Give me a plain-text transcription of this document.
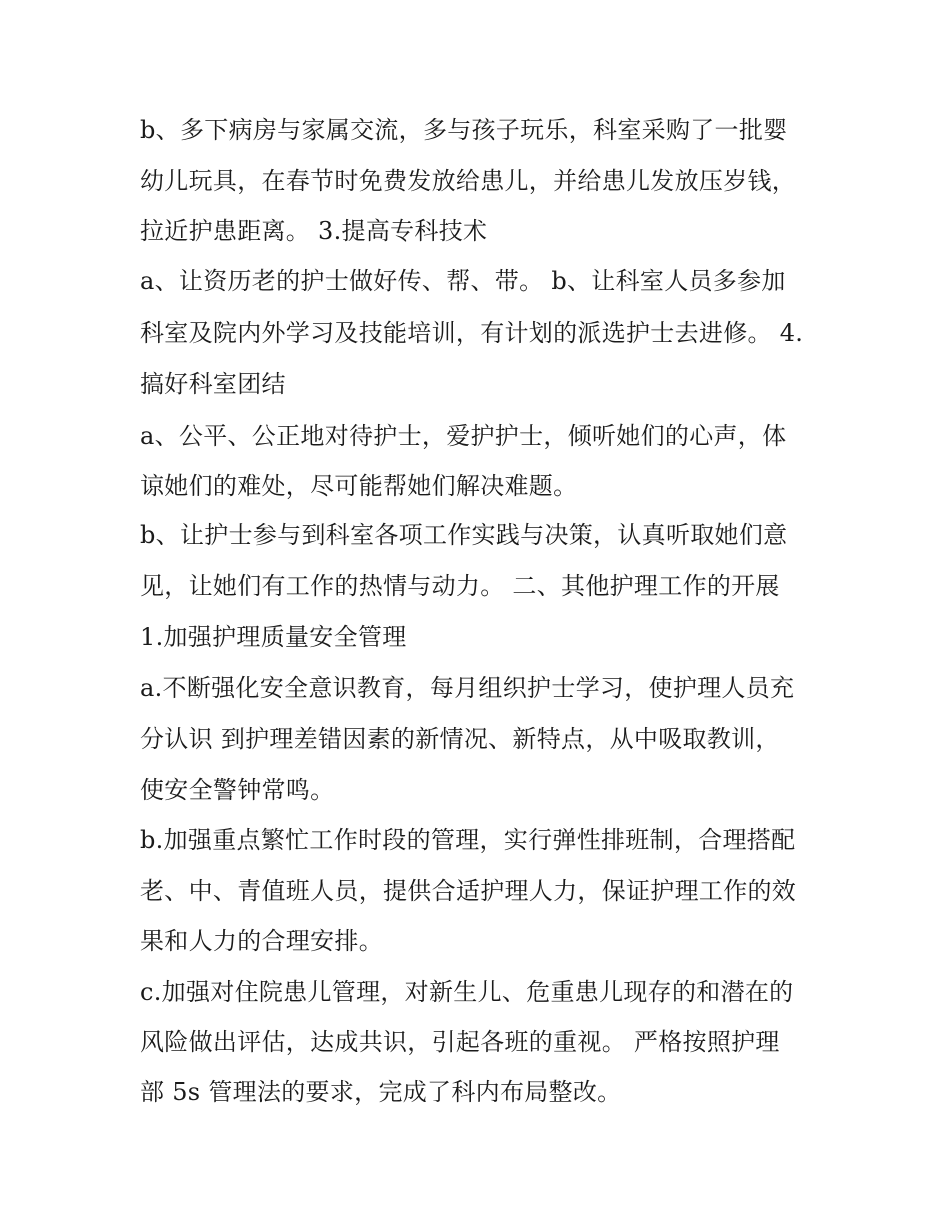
b、多下病房与家属交流，多与孩子玩乐，科室采购了一批婴
幼儿玩具，在春节时免费发放给患儿，并给患儿发放压岁钱，
拉近护患距离。 3.提高专科技术
a、让资历老的护士做好传、帮、带。 b、让科室人员多参加
科室及院内外学习及技能培训，有计划的派选护士去进修。 4.
搞好科室团结
a、公平、公正地对待护士，爱护护士，倾听她们的心声，体
谅她们的难处，尽可能帮她们解决难题。
b、让护士参与到科室各项工作实践与决策，认真听取她们意
见，让她们有工作的热情与动力。 二、其他护理工作的开展
1.加强护理质量安全管理
a.不断强化安全意识教育，每月组织护士学习，使护理人员充
分认识 到护理差错因素的新情况、新特点，从中吸取教训，
使安全警钟常鸣。
b.加强重点繁忙工作时段的管理，实行弹性排班制，合理搭配
老、中、青值班人员，提供合适护理人力，保证护理工作的效
果和人力的合理安排。
c.加强对住院患儿管理，对新生儿、危重患儿现存的和潜在的
风险做出评估，达成共识，引起各班的重视。 严格按照护理
部 5s 管理法的要求，完成了科内布局整改。
